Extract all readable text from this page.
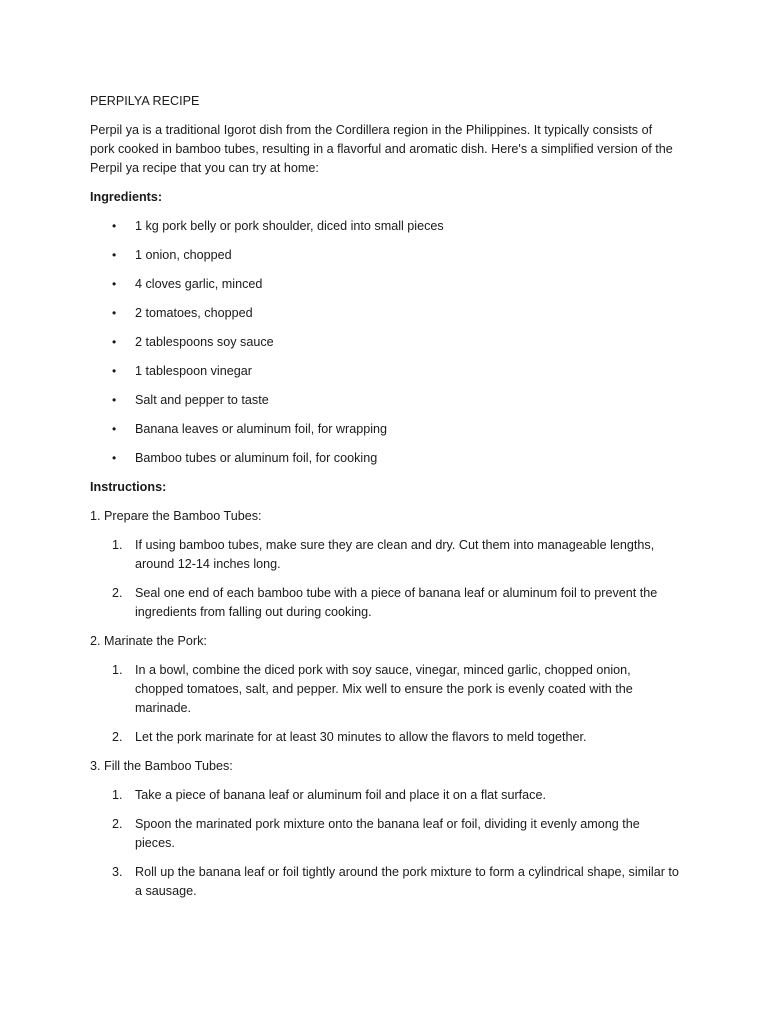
PERPILYA RECIPE

Perpil ya is a traditional Igorot dish from the Cordillera region in the Philippines. It typically consists of pork cooked in bamboo tubes, resulting in a flavorful and aromatic dish. Here's a simplified version of the Perpil ya recipe that you can try at home:

Ingredients:

• 1 kg pork belly or pork shoulder, diced into small pieces
• 1 onion, chopped
• 4 cloves garlic, minced
• 2 tomatoes, chopped
• 2 tablespoons soy sauce
• 1 tablespoon vinegar
• Salt and pepper to taste
• Banana leaves or aluminum foil, for wrapping
• Bamboo tubes or aluminum foil, for cooking

Instructions:

1. Prepare the Bamboo Tubes:

1. If using bamboo tubes, make sure they are clean and dry. Cut them into manageable lengths, around 12-14 inches long.
2. Seal one end of each bamboo tube with a piece of banana leaf or aluminum foil to prevent the ingredients from falling out during cooking.

2. Marinate the Pork:

1. In a bowl, combine the diced pork with soy sauce, vinegar, minced garlic, chopped onion, chopped tomatoes, salt, and pepper. Mix well to ensure the pork is evenly coated with the marinade.
2. Let the pork marinate for at least 30 minutes to allow the flavors to meld together.

3. Fill the Bamboo Tubes:

1. Take a piece of banana leaf or aluminum foil and place it on a flat surface.
2. Spoon the marinated pork mixture onto the banana leaf or foil, dividing it evenly among the pieces.
3. Roll up the banana leaf or foil tightly around the pork mixture to form a cylindrical shape, similar to a sausage.
